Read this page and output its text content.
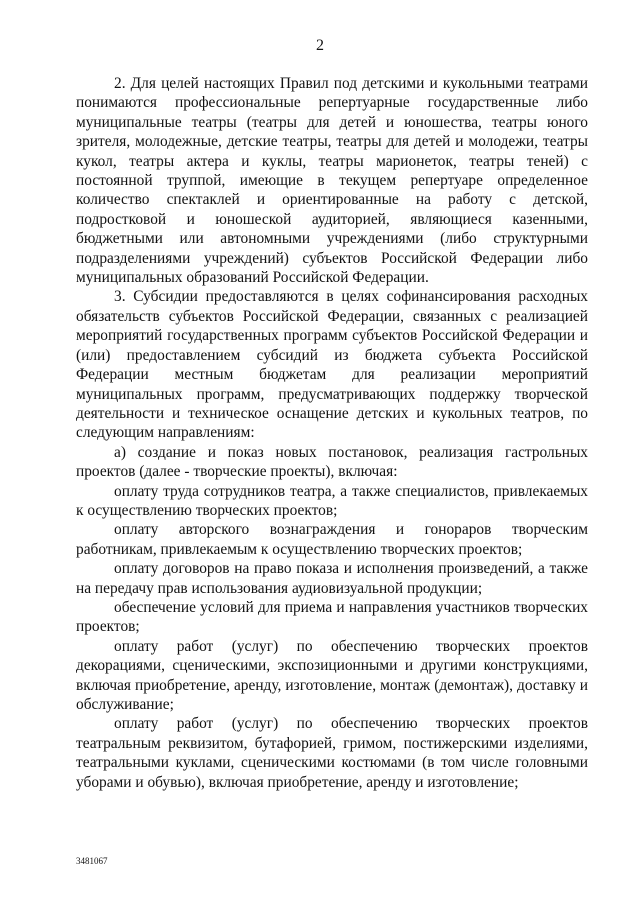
2

2. Для целей настоящих Правил под детскими и кукольными театрами понимаются профессиональные репертуарные государственные либо муниципальные театры (театры для детей и юношества, театры юного зрителя, молодежные, детские театры, театры для детей и молодежи, театры кукол, театры актера и куклы, театры марионеток, театры теней) с постоянной труппой, имеющие в текущем репертуаре определенное количество спектаклей и ориентированные на работу с детской, подростковой и юношеской аудиторией, являющиеся казенными, бюджетными или автономными учреждениями (либо структурными подразделениями учреждений) субъектов Российской Федерации либо муниципальных образований Российской Федерации.

3. Субсидии предоставляются в целях софинансирования расходных обязательств субъектов Российской Федерации, связанных с реализацией мероприятий государственных программ субъектов Российской Федерации и (или) предоставлением субсидий из бюджета субъекта Российской Федерации местным бюджетам для реализации мероприятий муниципальных программ, предусматривающих поддержку творческой деятельности и техническое оснащение детских и кукольных театров, по следующим направлениям:

а) создание и показ новых постановок, реализация гастрольных проектов (далее - творческие проекты), включая:

оплату труда сотрудников театра, а также специалистов, привлекаемых к осуществлению творческих проектов;

оплату авторского вознаграждения и гонораров творческим работникам, привлекаемым к осуществлению творческих проектов;

оплату договоров на право показа и исполнения произведений, а также на передачу прав использования аудиовизуальной продукции;

обеспечение условий для приема и направления участников творческих проектов;

оплату работ (услуг) по обеспечению творческих проектов декорациями, сценическими, экспозиционными и другими конструкциями, включая приобретение, аренду, изготовление, монтаж (демонтаж), доставку и обслуживание;

оплату работ (услуг) по обеспечению творческих проектов театральным реквизитом, бутафорией, гримом, постижерскими изделиями, театральными куклами, сценическими костюмами (в том числе головными уборами и обувью), включая приобретение, аренду и изготовление;

3481067
